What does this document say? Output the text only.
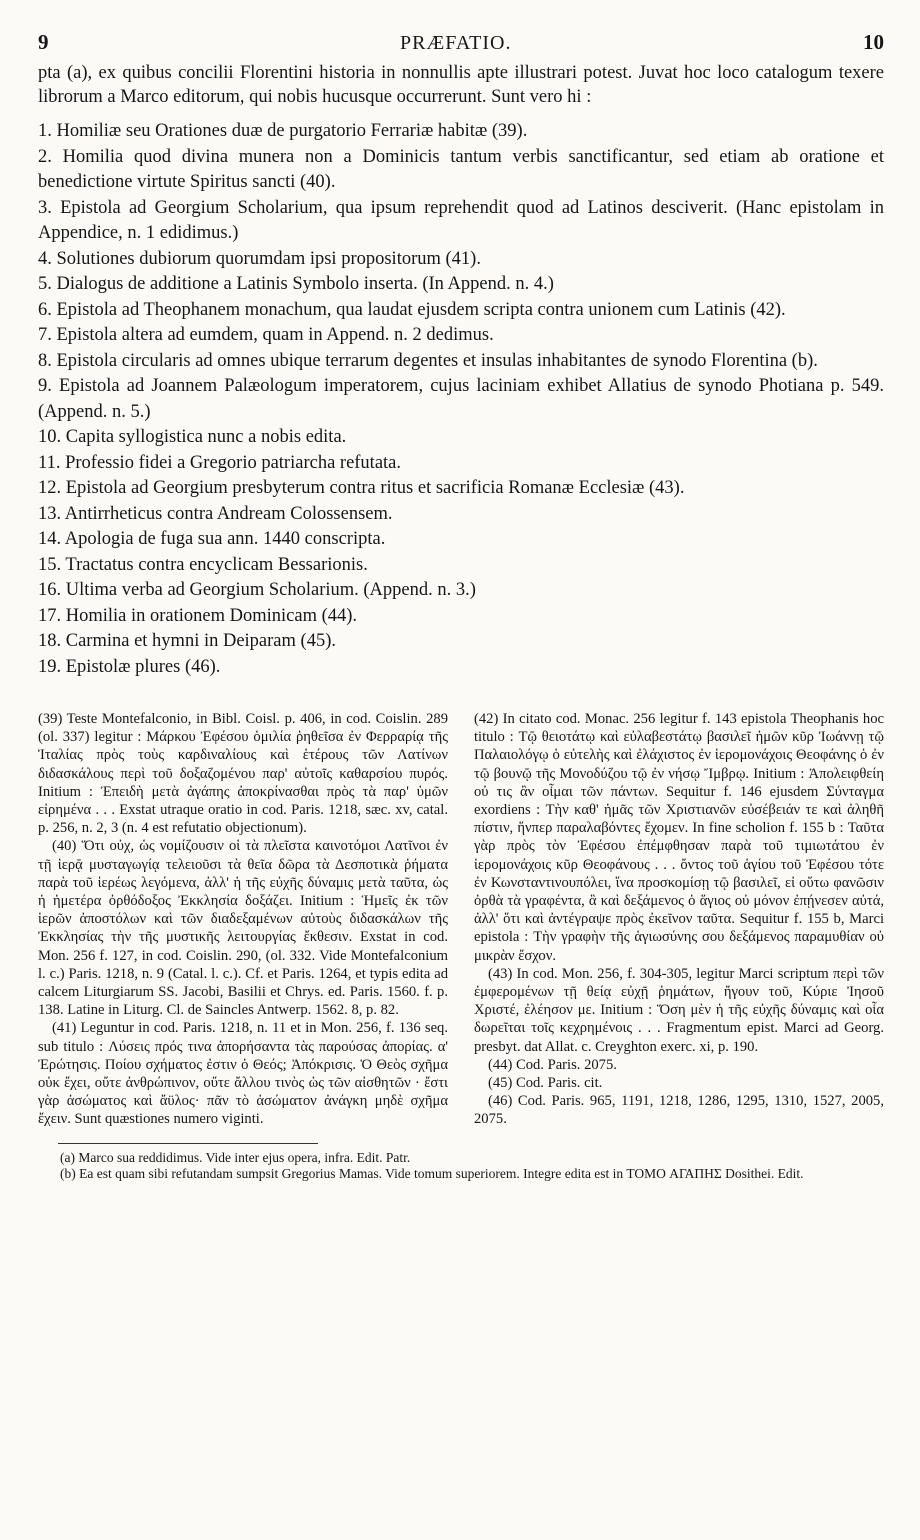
9	PRÆFATIO.	10
pta (a), ex quibus concilii Florentini historia in nonnullis apte illustrari potest. Juvat hoc loco catalogum texere librorum a Marco editorum, qui nobis hucusque occurrerunt. Sunt vero hi :
1. Homiliæ seu Orationes duæ de purgatorio Ferrariæ habitæ (39).
2. Homilia quod divina munera non a Dominicis tantum verbis sanctificantur, sed etiam ab oratione et benedictione virtute Spiritus sancti (40).
3. Epistola ad Georgium Scholarium, qua ipsum reprehendit quod ad Latinos desciverit. (Hanc epistolam in Appendice, n. 1 edidimus.)
4. Solutiones dubiorum quorumdam ipsi propositorum (41).
5. Dialogus de additione a Latinis Symbolo inserta. (In Append. n. 4.)
6. Epistola ad Theophanem monachum, qua laudat ejusdem scripta contra unionem cum Latinis (42).
7. Epistola altera ad eumdem, quam in Append. n. 2 dedimus.
8. Epistola circularis ad omnes ubique terrarum degentes et insulas inhabitantes de synodo Florentina (b).
9. Epistola ad Joannem Palæologum imperatorem, cujus laciniam exhibet Allatius de synodo Photiana p. 549. (Append. n. 5.)
10. Capita syllogistica nunc a nobis edita.
11. Professio fidei a Gregorio patriarcha refutata.
12. Epistola ad Georgium presbyterum contra ritus et sacrificia Romanæ Ecclesiæ (43).
13. Antirrheticus contra Andream Colossensem.
14. Apologia de fuga sua ann. 1440 conscripta.
15. Tractatus contra encyclicam Bessarionis.
16. Ultima verba ad Georgium Scholarium. (Append. n. 3.)
17. Homilia in orationem Dominicam (44).
18. Carmina et hymni in Deiparam (45).
19. Epistolæ plures (46).

(39) Teste Montefalconio, in Bibl. Coisl. p. 406, in cod. Coislin. 289 (ol. 337) legitur : Μάρκου Ἐφέσου ὁμιλία ῥηθεῖσα ἐν Φερραρίᾳ τῆς Ἰταλίας πρὸς τοὺς καρδιναλίους καὶ ἑτέρους τῶν Λατίνων διδασκάλους περὶ τοῦ δοξαζομένου παρ' αὐτοῖς καθαρσίου πυρός. Initium : Ἐπειδὴ μετὰ ἀγάπης ἀποκρίνασθαι πρὸς τὰ παρ' ὑμῶν εἰρημένα . . . Exstat utraque oratio in cod. Paris. 1218, sæc. xv, catal. p. 256, n. 2, 3 (n. 4 est refutatio objectionum).

(40) Ὅτι οὐχ, ὡς νομίζουσιν οἱ τὰ πλεῖστα καινοτόμοι Λατῖνοι ἐν τῇ ἱερᾷ μυσταγωγίᾳ τελειοῦσι τὰ θεῖα δῶρα τὰ Δεσποτικὰ ῥήματα παρὰ τοῦ ἱερέως λεγόμενα, ἀλλ' ἡ τῆς εὐχῆς δύναμις μετὰ ταῦτα, ὡς ἡ ἡμετέρα ὀρθόδοξος Ἐκκλησία δοξάζει. Initium : Ἡμεῖς ἐκ τῶν ἱερῶν ἀποστόλων καὶ τῶν διαδεξαμένων αὐτοὺς διδασκάλων τῆς Ἐκκλησίας τὴν τῆς μυστικῆς λειτουργίας ἔκθεσιν. Exstat in cod. Mon. 256 f. 127, in cod. Coislin. 290, (ol. 332. Vide Montefalconium l. c.) Paris. 1218, n. 9 (Catal. l. c.). Cf. et Paris. 1264, et typis edita ad calcem Liturgiarum SS. Jacobi, Basilii et Chrys. ed. Paris. 1560. f. p. 138. Latine in Liturg. Cl. de Saincles Antwerp. 1562. 8, p. 82.

(41) Leguntur in cod. Paris. 1218, n. 11 et in Mon. 256, f. 136 seq. sub titulo : Λύσεις πρός τινα ἀπορήσαντα τὰς παρούσας ἀπορίας. α' Ἐρώτησις. Ποίου σχήματος ἐστιν ὁ Θεός; Ἀπόκρισις. Ὁ Θεὸς σχῆμα οὐκ ἔχει, οὔτε ἀνθρώπινον, οὔτε ἄλλου τινὸς ὡς τῶν αἰσθητῶν · ἔστι γὰρ ἀσώματος καὶ ἄϋλος· πᾶν τὸ ἀσώματον ἀνάγκη μηδὲ σχῆμα ἔχειν. Sunt quæstiones numero viginti.

(42) In citato cod. Monac. 256 legitur f. 143 epistola Theophanis hoc titulo : Τῷ θειοτάτῳ καὶ εὐλαβεστάτῳ βασιλεῖ ἡμῶν κῦρ Ἰωάννῃ τῷ Παλαιολόγῳ ὁ εὐτελὴς καὶ ἐλάχιστος ἐν ἱερομονάχοις Θεοφάνης ὁ ἐν τῷ βουνῷ τῆς Μονοδύζου τῷ ἐν νήσῳ Ἴμβρῳ. Initium : Ἀπολειφθείη οὐ τις ἂν οἶμαι τῶν πάντων. Sequitur f. 146 ejusdem Σύνταγμα exordiens : Τὴν καθ' ἡμᾶς τῶν Χριστιανῶν εὐσέβειάν τε καὶ ἀληθῆ πίστιν, ἥνπερ παραλαβόντες ἔχομεν. In fine scholion f. 155 b : Ταῦτα γὰρ πρὸς τὸν Ἐφέσου ἐπέμφθησαν παρὰ τοῦ τιμιωτάτου ἐν ἱερομονάχοις κῦρ Θεοφάνους . . . ὄντος τοῦ ἁγίου τοῦ Ἐφέσου τότε ἐν Κωνσταντινουπόλει, ἵνα προσκομίσῃ τῷ βασιλεῖ, εἰ οὕτω φανῶσιν ὀρθὰ τὰ γραφέντα, ἃ καὶ δεξάμενος ὁ ἅγιος οὐ μόνον ἐπῄνεσεν αὐτά, ἀλλ' ὅτι καὶ ἀντέγραψε πρὸς ἐκεῖνον ταῦτα. Sequitur f. 155 b, Marci epistola : Τὴν γραφὴν τῆς ἁγιωσύνης σου δεξάμενος παραμυθίαν οὐ μικρὰν ἔσχον.

(43) In cod. Mon. 256, f. 304-305, legitur Marci scriptum περὶ τῶν ἐμφερομένων τῇ θείᾳ εὐχῇ ῥημάτων, ἤγουν τοῦ, Κύριε Ἰησοῦ Χριστέ, ἐλέησον με. Initium : Ὅση μὲν ἡ τῆς εὐχῆς δύναμις καὶ οἷα δωρεῖται τοῖς κεχρημένοις . . . Fragmentum epist. Marci ad Georg. presbyt. dat Allat. c. Creyghton exerc. xi, p. 190.

(44) Cod. Paris. 2075.

(45) Cod. Paris. cit.

(46) Cod. Paris. 965, 1191, 1218, 1286, 1295, 1310, 1527, 2005, 2075.

(a) Marco sua reddidimus. Vide inter ejus opera, infra. Edit. Patr.

(b) Ea est quam sibi refutandam sumpsit Gregorius Mamas. Vide tomum superiorem. Integre edita est in TOMO ΑΓΑΠΗΣ Dosithei. Edit.
